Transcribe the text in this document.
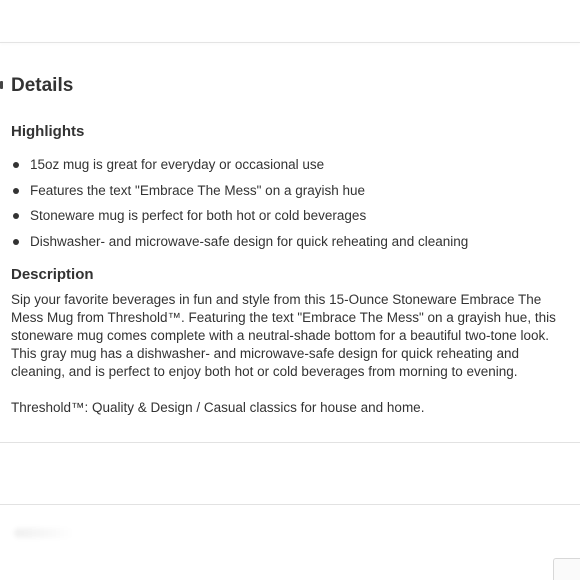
Details
Highlights
15oz mug is great for everyday or occasional use
Features the text "Embrace The Mess" on a grayish hue
Stoneware mug is perfect for both hot or cold beverages
Dishwasher- and microwave-safe design for quick reheating and cleaning
Description

Sip your favorite beverages in fun and style from this 15-Ounce Stoneware Embrace The Mess Mug from Threshold™. Featuring the text "Embrace The Mess" on a grayish hue, this stoneware mug comes complete with a neutral-shade bottom for a beautiful two-tone look. This gray mug has a dishwasher- and microwave-safe design for quick reheating and cleaning, and is perfect to enjoy both hot or cold beverages from morning to evening.

Threshold™: Quality & Design / Casual classics for house and home.
